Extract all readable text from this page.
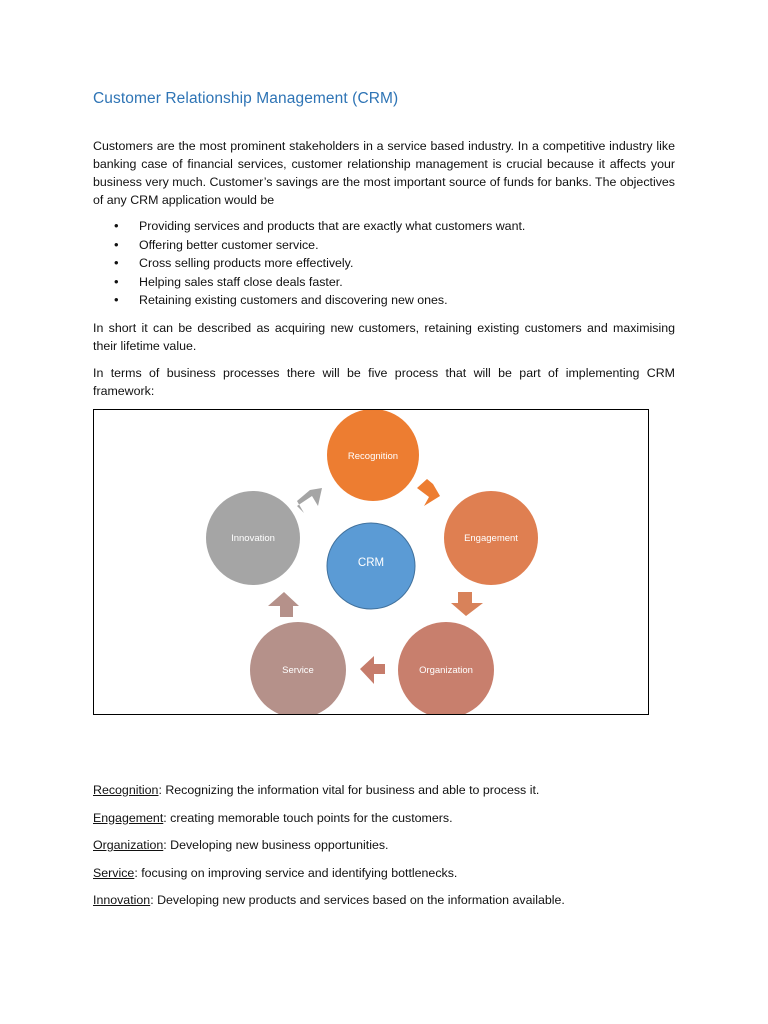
Customer Relationship Management (CRM)

Customers are the most prominent stakeholders in a service based industry. In a competitive industry like banking case of financial services, customer relationship management is crucial because it affects your business very much. Customer’s savings are the most important source of funds for banks. The objectives of any CRM application would be

• Providing services and products that are exactly what customers want.
• Offering better customer service.
• Cross selling products more effectively.
• Helping sales staff close deals faster.
• Retaining existing customers and discovering new ones.

In short it can be described as acquiring new customers, retaining existing customers and maximising their lifetime value.

In terms of business processes there will be five process that will be part of implementing CRM framework:

Recognition
Engagement
Organization
Service
Innovation
CRM

Recognition: Recognizing the information vital for business and able to process it.

Engagement: creating memorable touch points for the customers.

Organization: Developing new business opportunities.

Service: focusing on improving service and identifying bottlenecks.

Innovation: Developing new products and services based on the information available.
